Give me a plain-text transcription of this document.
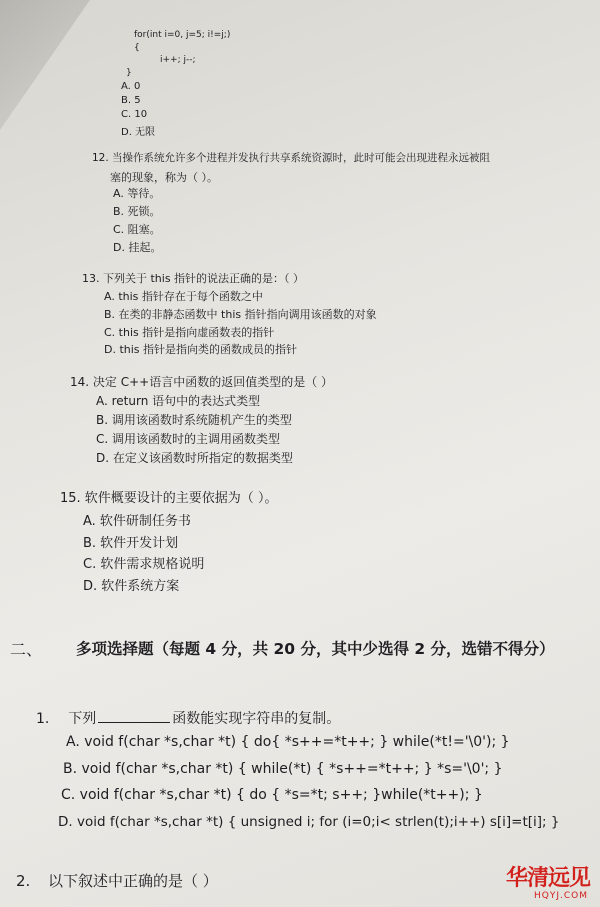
for(int i=0, j=5; i!=j;)
{
i++; j--;
}
A. 0
B. 5
C. 10
D. 无限
12. 当操作系统允许多个进程并发执行共享系统资源时，此时可能会出现进程永远被阻
塞的现象，称为（ ）。
A. 等待。
B. 死锁。
C. 阻塞。
D. 挂起。
13. 下列关于 this 指针的说法正确的是：（ ）
A. this 指针存在于每个函数之中
B. 在类的非静态函数中 this 指针指向调用该函数的对象
C. this 指针是指向虚函数表的指针
D. this 指针是指向类的函数成员的指针
14. 决定 C++语言中函数的返回值类型的是（ ）
A. return 语句中的表达式类型
B. 调用该函数时系统随机产生的类型
C. 调用该函数时的主调用函数类型
D. 在定义该函数时所指定的数据类型
15. 软件概要设计的主要依据为（ ）。
A. 软件研制任务书
B. 软件开发计划
C. 软件需求规格说明
D. 软件系统方案
二、 多项选择题（每题 4 分，共 20 分，其中少选得 2 分，选错不得分）
1. 下列	函数能实现字符串的复制。
A. void f(char *s,char *t) { do{ *s++=*t++; } while(*t!='\0'); }
B. void f(char *s,char *t) { while(*t) { *s++=*t++; } *s='\0'; }
C. void f(char *s,char *t) { do { *s=*t; s++; }while(*t++); }
D. void f(char *s,char *t) { unsigned i; for (i=0;i< strlen(t);i++) s[i]=t[i]; }
2. 以下叙述中正确的是（ ）	华清远见
HQYJ.COM
